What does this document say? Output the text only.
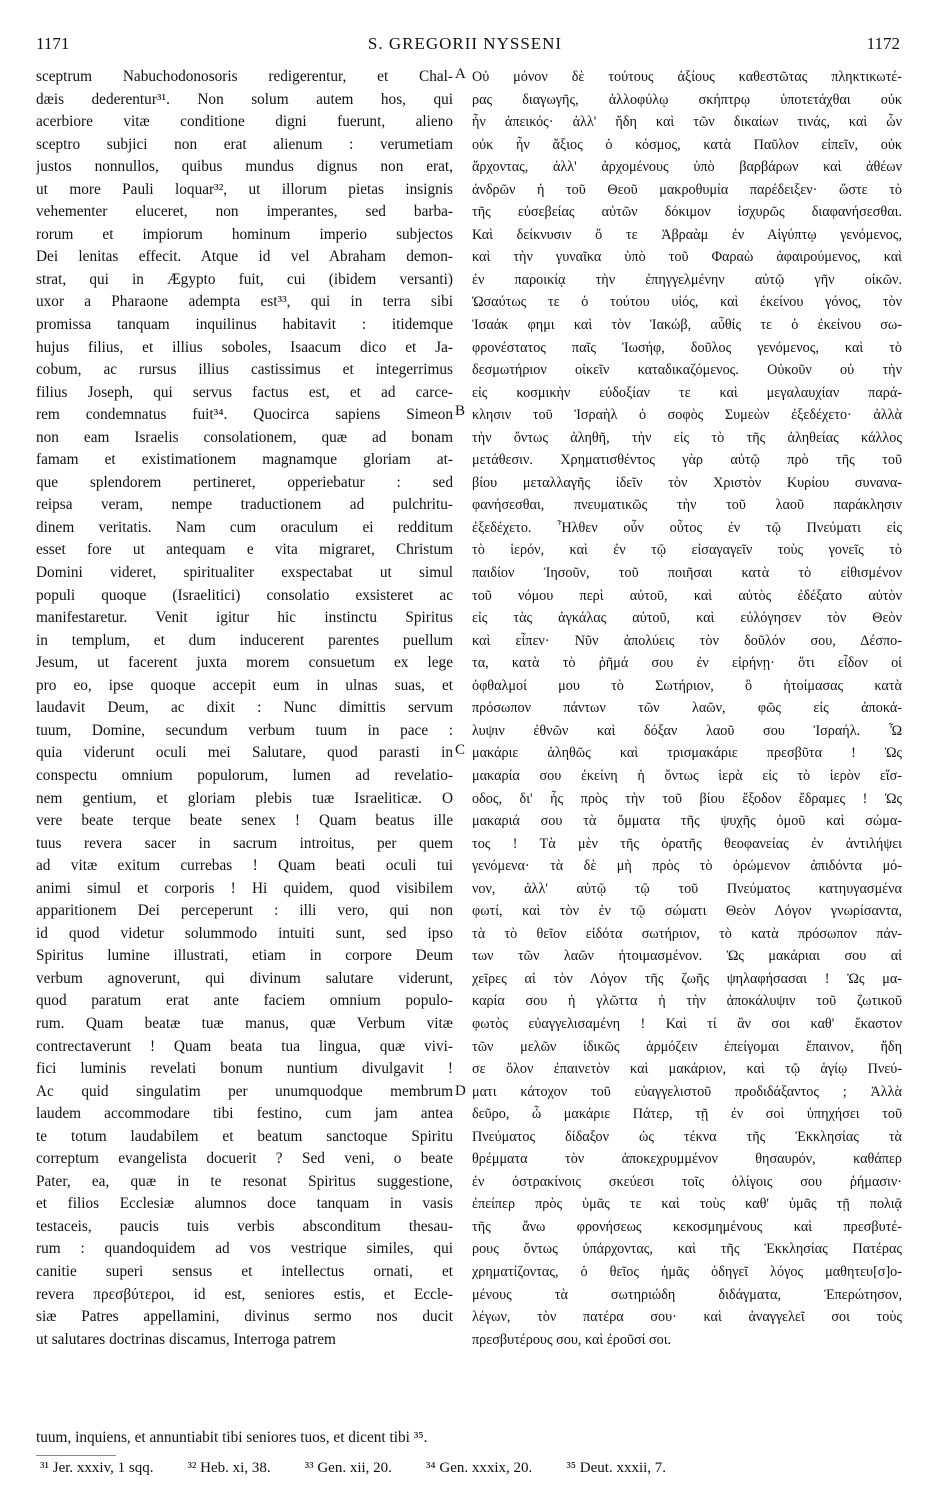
1171	S. GREGORII NYSSENI	1172
sceptrum Nabuchodonosoris redigerentur, et Chal-
dæis dederentur³¹. Non solum autem hos, qui
acerbiore vitæ conditione digni fuerunt, alieno
sceptro subjici non erat alienum : verumetiam
justos nonnullos, quibus mundus dignus non erat,
ut more Pauli loquar³², ut illorum pietas insignis
vehementer eluceret, non imperantes, sed barba-
rorum et impiorum hominum imperio subjectos
Dei lenitas effecit. Atque id vel Abraham demon-
strat, qui in Ægypto fuit, cui (ibidem versanti)
uxor a Pharaone adempta est³³, qui in terra sibi
promissa tanquam inquilinus habitavit : itidemque
hujus filius, et illius soboles, Isaacum dico et Ja-
cobum, ac rursus illius castissimus et integerrimus
filius Joseph, qui servus factus est, et ad carce-
rem condemnatus fuit³⁴. Quocirca sapiens Simeon
non eam Israelis consolationem, quæ ad bonam
famam et existimationem magnamque gloriam at-
que splendorem pertineret, opperiebatur : sed
reipsa veram, nempe traductionem ad pulchritu-
dinem veritatis. Nam cum oraculum ei redditum
esset fore ut antequam e vita migraret, Christum
Domini videret, spiritualiter exspectabat ut simul
populi quoque (Israelitici) consolatio exsisteret ac
manifestaretur. Venit igitur hic instinctu Spiritus
in templum, et dum inducerent parentes puellum
Jesum, ut facerent juxta morem consuetum ex lege
pro eo, ipse quoque accepit eum in ulnas suas, et
laudavit Deum, ac dixit : Nunc dimittis servum
tuum, Domine, secundum verbum tuum in pace :
quia viderunt oculi mei Salutare, quod parasti in
conspectu omnium populorum, lumen ad revelatio-
nem gentium, et gloriam plebis tuæ Israeliticæ. O
vere beate terque beate senex ! Quam beatus ille
tuus revera sacer in sacrum introitus, per quem
ad vitæ exitum currebas ! Quam beati oculi tui
animi simul et corporis ! Hi quidem, quod visibilem
apparitionem Dei perceperunt : illi vero, qui non
id quod videtur solummodo intuiti sunt, sed ipso
Spiritus lumine illustrati, etiam in corpore Deum
verbum agnoverunt, qui divinum salutare viderunt,
quod paratum erat ante faciem omnium populo-
rum. Quam beatæ tuæ manus, quæ Verbum vitæ
contrectaverunt ! Quam beata tua lingua, quæ vivi-
fici luminis revelati bonum nuntium divulgavit !
Ac quid singulatim per unumquodque membrum
laudem accommodare tibi festino, cum jam antea
te totum laudabilem et beatum sanctoque Spiritu
correptum evangelista docuerit ? Sed veni, o beate
Pater, ea, quæ in te resonat Spiritus suggestione,
et filios Ecclesiæ alumnos doce tanquam in vasis
testaceis, paucis tuis verbis absconditum thesau-
rum : quandoquidem ad vos vestrique similes, qui
canitie superi sensus et intellectus ornati, et
revera πρεσβύτεροι, id est, seniores estis, et Eccle-
siæ Patres appellamini, divinus sermo nos ducit
ut salutares doctrinas discamus, Interroga patrem
A
B
C
D
Οὐ μόνον δὲ τούτους ἀξίους καθεστῶτας πληκτικωτέ-
ρας διαγωγῆς, ἀλλοφύλῳ σκήπτρῳ ὑποτετάχθαι οὐκ
ἦν ἀπεικός· ἀλλ' ἤδη καὶ τῶν δικαίων τινάς, καὶ ὧν
οὐκ ἦν ἄξιος ὁ κόσμος, κατὰ Παῦλον εἰπεῖν, οὐκ
ἄρχοντας, ἀλλ' ἀρχομένους ὑπὸ βαρβάρων καὶ ἀθέων
ἀνδρῶν ἡ τοῦ Θεοῦ μακροθυμία παρέδειξεν· ὥστε τὸ
τῆς εὐσεβείας αὐτῶν δόκιμον ἰσχυρῶς διαφανήσεσθαι.
Καὶ δείκνυσιν ὅ τε Ἀβραὰμ ἐν Αἰγύπτῳ γενόμενος,
καὶ τὴν γυναῖκα ὑπὸ τοῦ Φαραὼ ἀφαιρούμενος, καὶ
ἐν παροικίᾳ τὴν ἐπηγγελμένην αὐτῷ γῆν οἰκῶν.
Ὡσαύτως τε ὁ τούτου υἱός, καὶ ἐκείνου γόνος, τὸν
Ἰσαάκ φημι καὶ τὸν Ἰακώβ, αὖθίς τε ὁ ἐκείνου σω-
φρονέστατος παῖς Ἰωσήφ, δοῦλος γενόμενος, καὶ τὸ
δεσμωτήριον οἰκεῖν καταδικαζόμενος. Οὐκοῦν οὐ τὴν
εἰς κοσμικὴν εὐδοξίαν τε καὶ μεγαλαυχίαν παρά-
κλησιν τοῦ Ἰσραὴλ ὁ σοφὸς Συμεὼν ἐξεδέχετο· ἀλλὰ
τὴν ὄντως ἀληθῆ, τὴν εἰς τὸ τῆς ἀληθείας κάλλος
μετάθεσιν. Χρηματισθέντος γὰρ αὐτῷ πρὸ τῆς τοῦ
βίου μεταλλαγῆς ἰδεῖν τὸν Χριστὸν Κυρίου συνανα-
φανήσεσθαι, πνευματικῶς τὴν τοῦ λαοῦ παράκλησιν
ἐξεδέχετο. Ἦλθεν οὖν οὗτος ἐν τῷ Πνεύματι εἰς
τὸ ἱερόν, καὶ ἐν τῷ εἰσαγαγεῖν τοὺς γονεῖς τὸ
παιδίον Ἰησοῦν, τοῦ ποιῆσαι κατὰ τὸ εἰθισμένον
τοῦ νόμου περὶ αὐτοῦ, καὶ αὐτὸς ἐδέξατο αὐτὸν
εἰς τὰς ἀγκάλας αὐτοῦ, καὶ εὐλόγησεν τὸν Θεὸν
καὶ εἶπεν· Νῦν ἀπολύεις τὸν δοῦλόν σου, Δέσπο-
τα, κατὰ τὸ ῥῆμά σου ἐν εἰρήνῃ· ὅτι εἶδον οἱ
ὀφθαλμοί μου τὸ Σωτήριον, ὃ ἡτοίμασας κατὰ
πρόσωπον πάντων τῶν λαῶν, φῶς εἰς ἀποκά-
λυψιν ἐθνῶν καὶ δόξαν λαοῦ σου Ἰσραήλ. Ὦ
μακάριε ἀληθῶς καὶ τρισμακάριε πρεσβῦτα ! Ὡς
μακαρία σου ἐκείνη ἡ ὄντως ἱερὰ εἰς τὸ ἱερὸν εἴσ-
οδος, δι' ἧς πρὸς τὴν τοῦ βίου ἔξοδον ἔδραμες ! Ὡς
μακαριά σου τὰ ὄμματα τῆς ψυχῆς ὁμοῦ καὶ σώμα-
τος ! Τὰ μὲν τῆς ὁρατῆς θεοφανείας ἐν ἀντιλήψει
γενόμενα· τὰ δὲ μὴ πρὸς τὸ ὁρώμενον ἀπιδόντα μό-
νον, ἀλλ' αὐτῷ τῷ τοῦ Πνεύματος κατηυγασμένα
φωτί, καὶ τὸν ἐν τῷ σώματι Θεὸν Λόγον γνωρίσαντα,
τὰ τὸ θεῖον εἰδότα σωτήριον, τὸ κατὰ πρόσωπον πάν-
των τῶν λαῶν ἡτοιμασμένον. Ὡς μακάριαι σου αἱ
χεῖρες αἱ τὸν Λόγον τῆς ζωῆς ψηλαφήσασαι ! Ὡς μα-
καρία σου ἡ γλῶττα ἡ τὴν ἀποκάλυψιν τοῦ ζωτικοῦ
φωτὸς εὐαγγελισαμένη ! Καὶ τί ἂν σοι καθ' ἕκαστον
τῶν μελῶν ἰδικῶς ἁρμόζειν ἐπείγομαι ἔπαινον, ἤδη
σε ὅλον ἐπαινετὸν καὶ μακάριον, καὶ τῷ ἁγίῳ Πνεύ-
ματι κάτοχον τοῦ εὐαγγελιστοῦ προδιδάξαντος ; Ἀλλὰ
δεῦρο, ὦ μακάριε Πάτερ, τῇ ἐν σοὶ ὑπηχήσει τοῦ
Πνεύματος δίδαξον ὡς τέκνα τῆς Ἐκκλησίας τὰ
θρέμματα τὸν ἀποκεχρυμμένον θησαυρόν, καθάπερ
ἐν ὀστρακίνοις σκεύεσι τοῖς ὀλίγοις σου ῥήμασιν·
ἐπείπερ πρὸς ὑμᾶς τε καὶ τοὺς καθ' ὑμᾶς τῇ πολιᾷ
τῆς ἄνω φρονήσεως κεκοσμημένους καὶ πρεσβυτέ-
ρους ὄντως ὑπάρχοντας, καὶ τῆς Ἐκκλησίας Πατέρας
χρηματίζοντας, ὁ θεῖος ἡμᾶς ὁδηγεῖ λόγος μαθητευ[σ]ο-
μένους τὰ σωτηριώδη διδάγματα, Ἐπερώτησον,
λέγων, τὸν πατέρα σου· καὶ ἀναγγελεῖ σοι τοὺς
πρεσβυτέρους σου, καὶ ἐροῦσί σοι.
tuum, inquiens, et annuntiabit tibi seniores tuos, et dicent tibi ³⁵.
³¹ Jer. xxxiv, 1 sqq. ³² Heb. xi, 38. ³³ Gen. xii, 20. ³⁴ Gen. xxxix, 20. ³⁵ Deut. xxxii, 7.
